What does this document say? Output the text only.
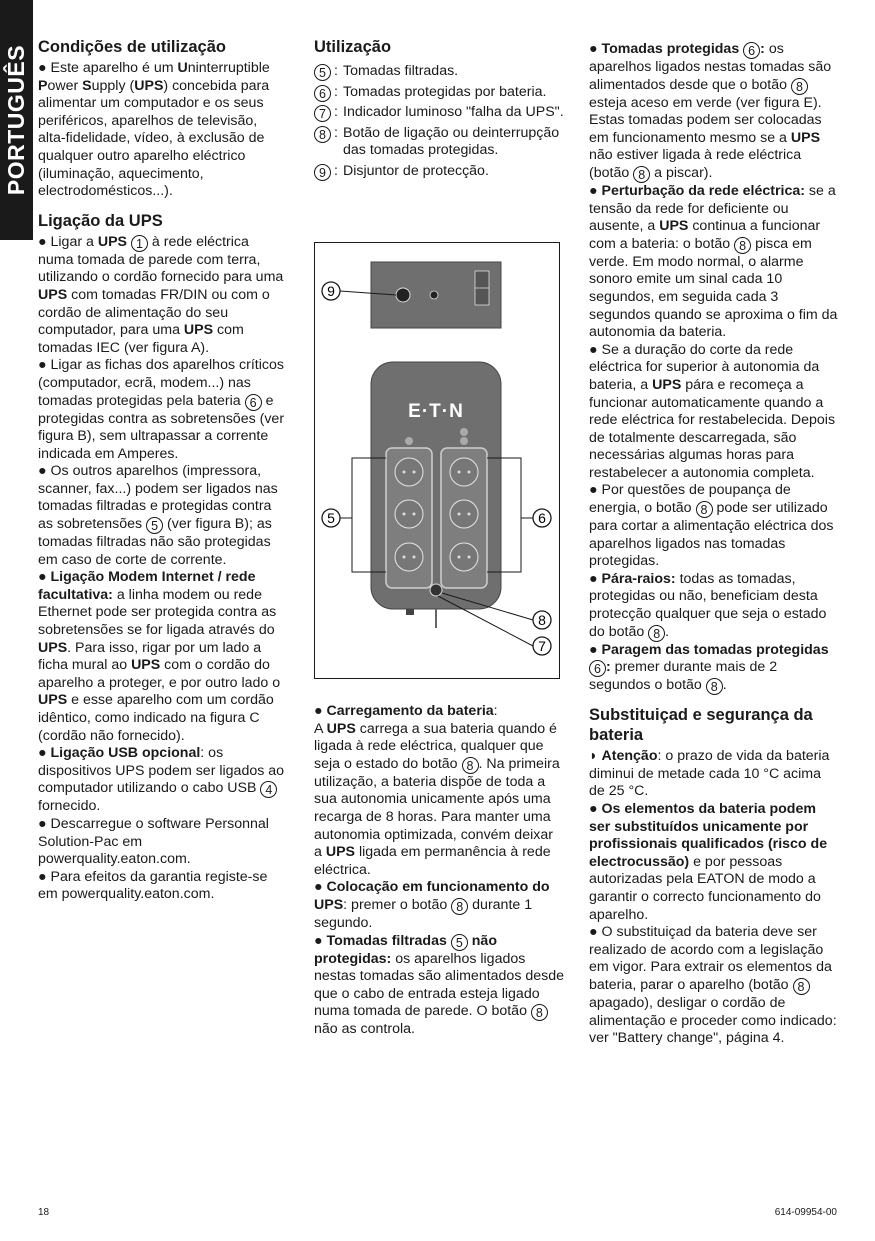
PORTUGUÊS Condições de utilização

● Este aparelho é um Uninterruptible Power Supply (UPS) concebida para alimentar um computador e os seus periféricos, aparelhos de televisão, alta-fidelidade, vídeo, à exclusão de qualquer outro aparelho eléctrico (iluminação, aquecimento, electrodomésticos...).

Ligação da UPS

● Ligar a UPS 1 à rede eléctrica numa tomada de parede com terra, utilizando o cordão fornecido para uma UPS com tomadas FR/DIN ou com o cordão de alimentação do seu computador, para uma UPS com tomadas IEC (ver figura A).

● Ligar as fichas dos aparelhos críticos (computador, ecrã, modem...) nas tomadas protegidas pela bateria 6 e protegidas contra as sobretensões (ver figura B), sem ultrapassar a corrente indicada em Amperes.

● Os outros aparelhos (impressora, scanner, fax...) podem ser ligados nas tomadas filtradas e protegidas contra as sobretensões 5 (ver figura B); as tomadas filtradas não são protegidas em caso de corte de corrente.

● Ligação Modem Internet / rede facultativa: a linha modem ou rede Ethernet pode ser protegida contra as sobretensões se for ligada através do UPS. Para isso, rigar por um lado a ficha mural ao UPS com o cordão do aparelho a proteger, e por outro lado o UPS e esse aparelho com um cordão idêntico, como indicado na figura C (cordão não fornecido).

● Ligação USB opcional: os dispositivos UPS podem ser ligados ao computador utilizando o cabo USB 4 fornecido.

● Descarregue o software Personnal Solution-Pac em powerquality.eaton.com.

● Para efeitos da garantia registe-se em powerquality.eaton.com.

Utilização
5 : Tomadas filtradas.
6 : Tomadas protegidas por bateria.
7 : Indicador luminoso "falha da UPS".
8 : Botão de ligação ou deinterrupção das tomadas protegidas.
9 : Disjuntor de protecção.
E·T·N
9
5	6
8
7

● Carregamento da bateria:

A UPS carrega a sua bateria quando é ligada à rede eléctrica, qualquer que seja o estado do botão 8 . Na primeira utilização, a bateria dispõe de toda a sua autonomia unicamente após uma recarga de 8 horas. Para manter uma autonomia optimizada, convém deixar a UPS ligada em permanência à rede eléctrica.

● Colocação em funcionamento do UPS: premer o botão 8 durante 1 segundo.

● Tomadas filtradas 5 não protegidas: os aparelhos ligados nestas tomadas são alimentados desde que o cabo de entrada esteja ligado numa tomada de parede. O botão 8 não as controla.

● Tomadas protegidas 6 : os aparelhos ligados nestas tomadas são alimentados desde que o botão 8 esteja aceso em verde (ver figura E). Estas tomadas podem ser colocadas em funcionamento mesmo se a UPS não estiver ligada à rede eléctrica (botão 8 a piscar).

● Perturbação da rede eléctrica: se a tensão da rede for deficiente ou ausente, a UPS continua a funcionar com a bateria: o botão 8 pisca em verde. Em modo normal, o alarme sonoro emite um sinal cada 10 segundos, em seguida cada 3 segundos quando se aproxima o fim da autonomia da bateria.

● Se a duração do corte da rede eléctrica for superior à autonomia da bateria, a UPS pára e recomeça a funcionar automaticamente quando a rede eléctrica for restabelecida. Depois de totalmente descarregada, são necessárias algumas horas para restabelecer a autonomia completa.

● Por questões de poupança de energia, o botão 8 pode ser utilizado para cortar a alimentação eléctrica dos aparelhos ligados nas tomadas protegidas.

● Pára-raios: todas as tomadas, protegidas ou não, beneficiam desta protecção qualquer que seja o estado do botão 8 .

● Paragem das tomadas protegidas 6 : premer durante mais de 2 segundos o botão 8 .

Substituiçad e segurança da bateria

◗ Atenção: o prazo de vida da bateria diminui de metade cada 10 °C acima de 25 °C.

● Os elementos da bateria podem ser substituídos unicamente por profissionais qualificados (risco de electrocussão) e por pessoas autorizadas pela EATON de modo a garantir o correcto funcionamento do aparelho.

● O substituiçad da bateria deve ser realizado de acordo com a legislação em vigor. Para extrair os elementos da bateria, parar o aparelho (botão 8 apagado), desligar o cordão de alimentação e proceder como indicado: ver "Battery change", página 4.

18	614-09954-00
